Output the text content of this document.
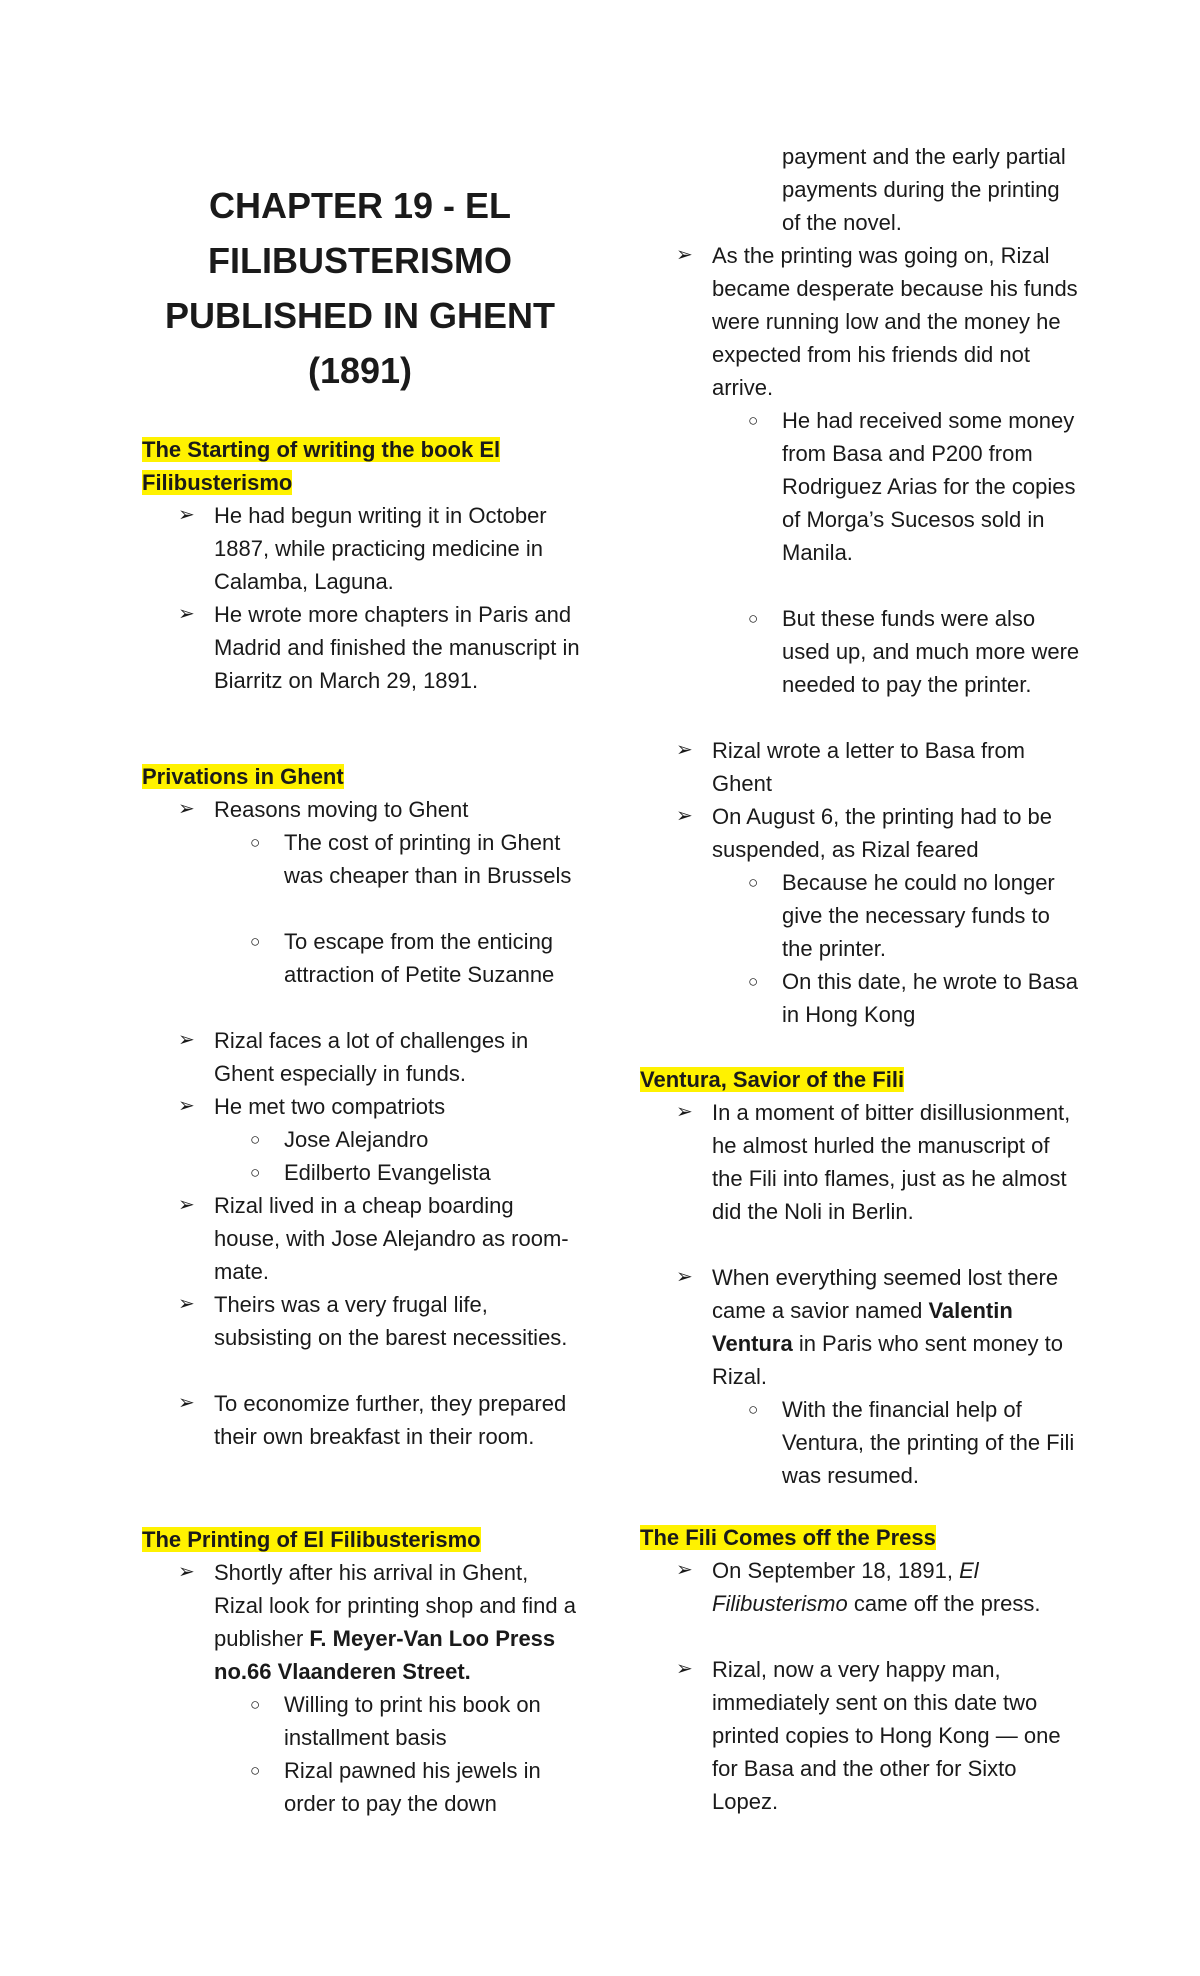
CHAPTER 19 - EL
FILIBUSTERISMO
PUBLISHED IN GHENT
(1891)

The Starting of writing the book El
Filibusterismo

➢ He had begun writing it in October 1887, while practicing medicine in Calamba, Laguna.

➢ He wrote more chapters in Paris and Madrid and finished the manuscript in Biarritz on March 29, 1891.

Privations in Ghent

➢ Reasons moving to Ghent

○ The cost of printing in Ghent was cheaper than in Brussels

○ To escape from the enticing attraction of Petite Suzanne

➢ Rizal faces a lot of challenges in Ghent especially in funds.

➢ He met two compatriots

○ Jose Alejandro

○ Edilberto Evangelista

➢ Rizal lived in a cheap boarding house, with Jose Alejandro as room-mate.

➢ Theirs was a very frugal life, subsisting on the barest necessities.

➢ To economize further, they prepared their own breakfast in their room.

The Printing of El Filibusterismo

➢ Shortly after his arrival in Ghent, Rizal look for printing shop and find a publisher F. Meyer-Van Loo Press no.66 Vlaanderen Street.

○ Willing to print his book on installment basis

○ Rizal pawned his jewels in
order to pay the down

payment and the early partial payments during the printing of the novel.

➢ As the printing was going on, Rizal became desperate because his funds were running low and the money he expected from his friends did not arrive.

○ He had received some money from Basa and P200 from Rodriguez Arias for the copies of Morga’s Sucesos sold in Manila.

○ But these funds were also used up, and much more were needed to pay the printer.

➢ Rizal wrote a letter to Basa from Ghent

➢ On August 6, the printing had to be suspended, as Rizal feared

○ Because he could no longer give the necessary funds to the printer.

○ On this date, he wrote to Basa in Hong Kong

Ventura, Savior of the Fili

➢ In a moment of bitter disillusionment, he almost hurled the manuscript of the Fili into flames, just as he almost did the Noli in Berlin.

➢ When everything seemed lost there came a savior named Valentin Ventura in Paris who sent money to Rizal.

○ With the financial help of Ventura, the printing of the Fili was resumed.

The Fili Comes off the Press

➢ On September 18, 1891, El Filibusterismo came off the press.

➢ Rizal, now a very happy man, immediately sent on this date two printed copies to Hong Kong — one for Basa and the other for Sixto Lopez.
